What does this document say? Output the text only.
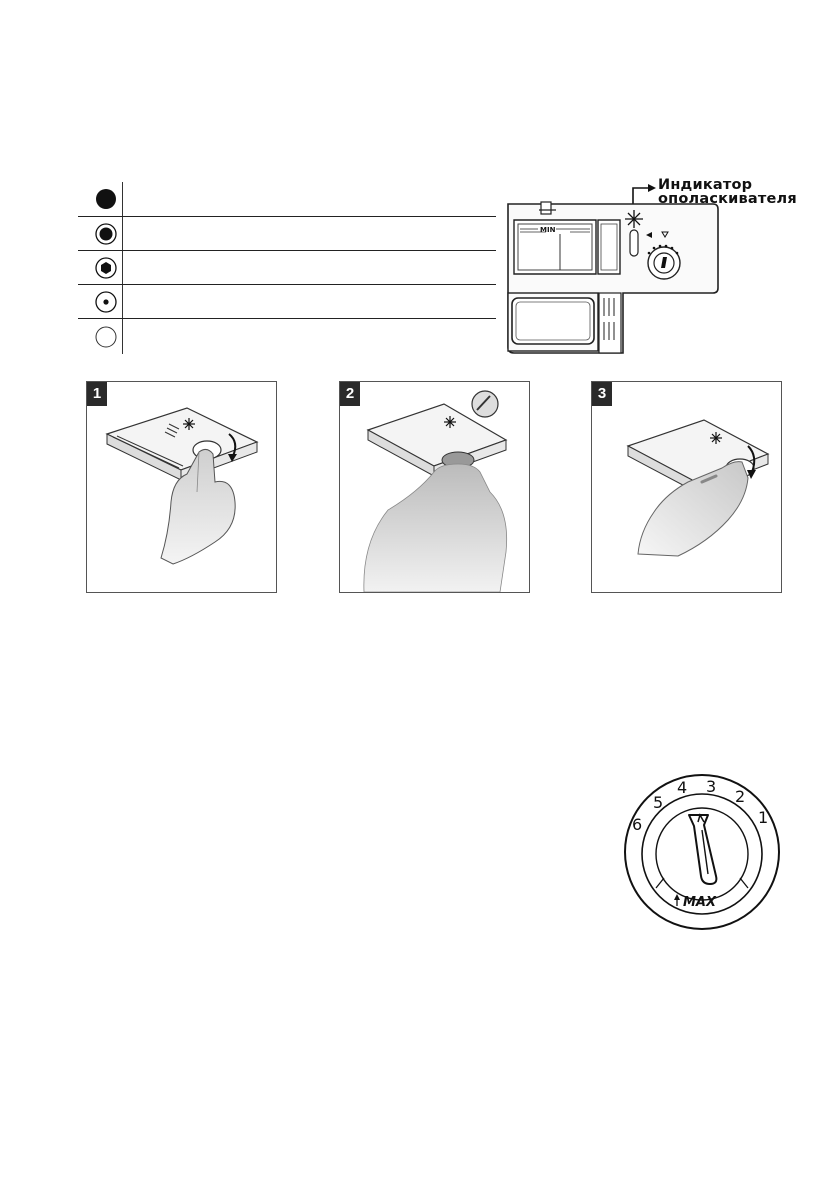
MIN
Индикатор
ополаскивателя
1	2	3
6
5
4 3
2
1
MAX
